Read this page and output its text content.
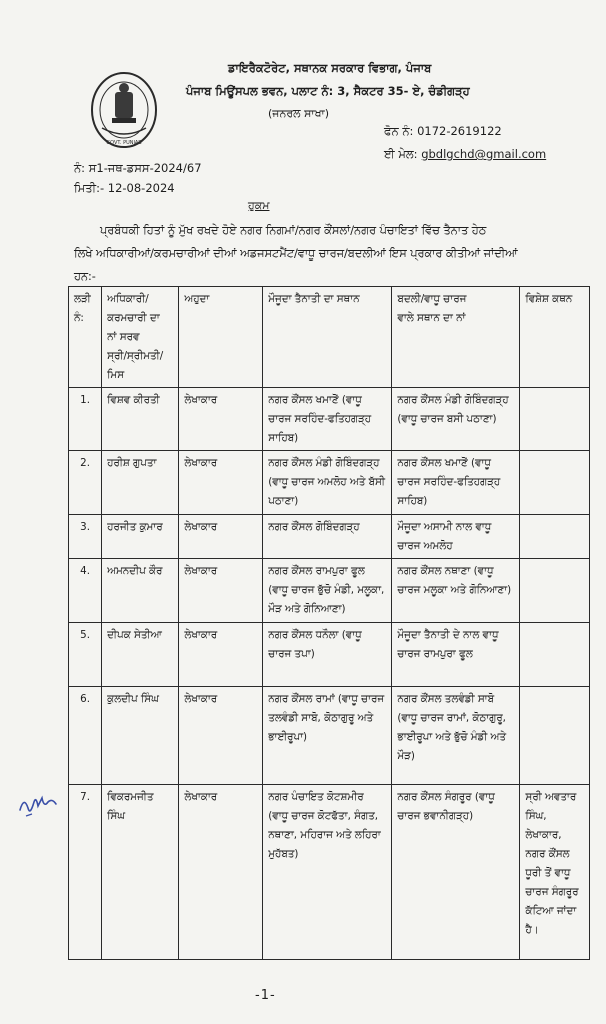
GOVT. PUNJAB
ਡਾਇਰੈਕਟੋਰੇਟ, ਸਥਾਨਕ ਸਰਕਾਰ ਵਿਭਾਗ, ਪੰਜਾਬ
ਪੰਜਾਬ ਮਿਊਂਸਪਲ ਭਵਨ, ਪਲਾਟ ਨੰ: 3, ਸੈਕਟਰ 35- ਏ, ਚੰਡੀਗੜ੍ਹ
(ਜਨਰਲ ਸਾਖਾ)
ਫੋਨ ਨੰ: 0172-2619122
ਈ ਮੇਲ: gbdlgchd@gmail.com
ਨੰ: ਸ1-ਜਥ-ਡਸਸ-2024/67
ਮਿਤੀ:- 12-08-2024
ਹੁਕਮ
ਪ੍ਰਬੰਧਕੀ ਹਿਤਾਂ ਨੂੰ ਮੁੱਖ ਰਖਦੇ ਹੋਏ ਨਗਰ ਨਿਗਮਾਂ/ਨਗਰ ਕੌਂਸਲਾਂ/ਨਗਰ ਪੰਚਾਇਤਾਂ ਵਿੱਚ ਤੈਨਾਤ ਹੇਠ
ਲਿਖੇ ਅਧਿਕਾਰੀਆਂ/ਕਰਮਚਾਰੀਆਂ ਦੀਆਂ ਅਡਜਸਟਮੈਂਟ/ਵਾਧੂ ਚਾਰਜ/ਬਦਲੀਆਂ ਇਸ ਪ੍ਰਕਾਰ ਕੀਤੀਆਂ ਜਾਂਦੀਆਂ
ਹਨ:-
ਲੜੀ
ਨੰ:	ਅਧਿਕਾਰੀ/
ਕਰਮਚਾਰੀ ਦਾ
ਨਾਂ ਸਰਵ
ਸ੍ਰੀ/ਸ੍ਰੀਮਤੀ/ਮਿਸ	ਅਹੁਦਾ	ਮੌਜੂਦਾ ਤੈਨਾਤੀ ਦਾ ਸਥਾਨ	ਬਦਲੀ/ਵਾਧੂ ਚਾਰਜ
ਵਾਲੇ ਸਥਾਨ ਦਾ ਨਾਂ	ਵਿਸ਼ੇਸ਼ ਕਥਨ
1.	ਵਿਸ਼ਵ ਕੀਰਤੀ	ਲੇਖਾਕਾਰ	ਨਗਰ ਕੌਂਸਲ ਖਮਾਣੋਂ (ਵਾਧੂ ਚਾਰਜ ਸਰਹਿੰਦ-ਫਤਿਹਗੜ੍ਹ ਸਾਹਿਬ)	ਨਗਰ ਕੌਂਸਲ ਮੰਡੀ ਗੋਬਿੰਦਗੜ੍ਹ (ਵਾਧੂ ਚਾਰਜ ਬਸੀ ਪਠਾਣਾ)	
2.	ਹਰੀਸ਼ ਗੁਪਤਾ	ਲੇਖਾਕਾਰ	ਨਗਰ ਕੌਂਸਲ ਮੰਡੀ ਗੋਬਿੰਦਗੜ੍ਹ (ਵਾਧੂ ਚਾਰਜ ਅਮਲੋਹ ਅਤੇ ਬੱਸੀ ਪਠਾਣਾ)	ਨਗਰ ਕੌਂਸਲ ਖਮਾਣੋਂ (ਵਾਧੂ ਚਾਰਜ ਸਰਹਿੰਦ-ਫਤਿਹਗੜ੍ਹ ਸਾਹਿਬ)	
3.	ਹਰਜੀਤ ਕੁਮਾਰ	ਲੇਖਾਕਾਰ	ਨਗਰ ਕੌਂਸਲ ਗੋਬਿੰਦਗੜ੍ਹ	ਮੌਜੂਦਾ ਅਸਾਮੀ ਨਾਲ ਵਾਧੂ ਚਾਰਜ ਅਮਲੋਹ	
4.	ਅਮਨਦੀਪ ਕੌਰ	ਲੇਖਾਕਾਰ	ਨਗਰ ਕੌਂਸਲ ਰਾਮਪੁਰਾ ਫੂਲ (ਵਾਧੂ ਚਾਰਜ ਭੁੱਚੋ ਮੰਡੀ, ਮਲੂਕਾ, ਮੌੜ ਅਤੇ ਗੋਨਿਆਣਾ)	ਨਗਰ ਕੌਂਸਲ ਨਥਾਣਾ (ਵਾਧੂ ਚਾਰਜ ਮਲੂਕਾ ਅਤੇ ਗੋਨਿਆਣਾ)	
5.	ਦੀਪਕ ਸੇਤੀਆ	ਲੇਖਾਕਾਰ	ਨਗਰ ਕੌਂਸਲ ਧਨੌਲਾ (ਵਾਧੂ ਚਾਰਜ ਤਪਾ)	ਮੌਜੂਦਾ ਤੈਨਾਤੀ ਦੇ ਨਾਲ ਵਾਧੂ ਚਾਰਜ ਰਾਮਪੁਰਾ ਫੂਲ	
6.	ਕੁਲਦੀਪ ਸਿੰਘ	ਲੇਖਾਕਾਰ	ਨਗਰ ਕੌਂਸਲ ਰਾਮਾਂ (ਵਾਧੂ ਚਾਰਜ ਤਲਵੰਡੀ ਸਾਬੋ, ਕੋਠਾਗੁਰੂ ਅਤੇ ਭਾਈਰੂਪਾ)	ਨਗਰ ਕੌਂਸਲ ਤਲਵੰਡੀ ਸਾਬੋ (ਵਾਧੂ ਚਾਰਜ ਰਾਮਾਂ, ਕੋਠਾਗੁਰੂ, ਭਾਈਰੂਪਾ ਅਤੇ ਭੁੱਚੋ ਮੰਡੀ ਅਤੇ ਮੌੜ)	
7.	ਵਿਕਰਮਜੀਤ ਸਿੰਘ	ਲੇਖਾਕਾਰ	ਨਗਰ ਪੰਚਾਇਤ ਕੋਟਸ਼ਮੀਰ (ਵਾਧੂ ਚਾਰਜ ਕੋਟਫੱਤਾ, ਸੰਗਤ, ਨਥਾਣਾ, ਮਹਿਰਾਜ ਅਤੇ ਲਹਿਰਾ ਮੁਹੱਬਤ)	ਨਗਰ ਕੌਂਸਲ ਸੰਗਰੂਰ (ਵਾਧੂ ਚਾਰਜ ਭਵਾਨੀਗੜ੍ਹ)	ਸ੍ਰੀ ਅਵਤਾਰ ਸਿੰਘ, ਲੇਖਾਕਾਰ, ਨਗਰ ਕੌਂਸਲ ਧੂਰੀ ਤੋਂ ਵਾਧੂ ਚਾਰਜ ਸੰਗਰੂਰ ਕੱਟਿਆ ਜਾਂਦਾ ਹੈ।
-1-
